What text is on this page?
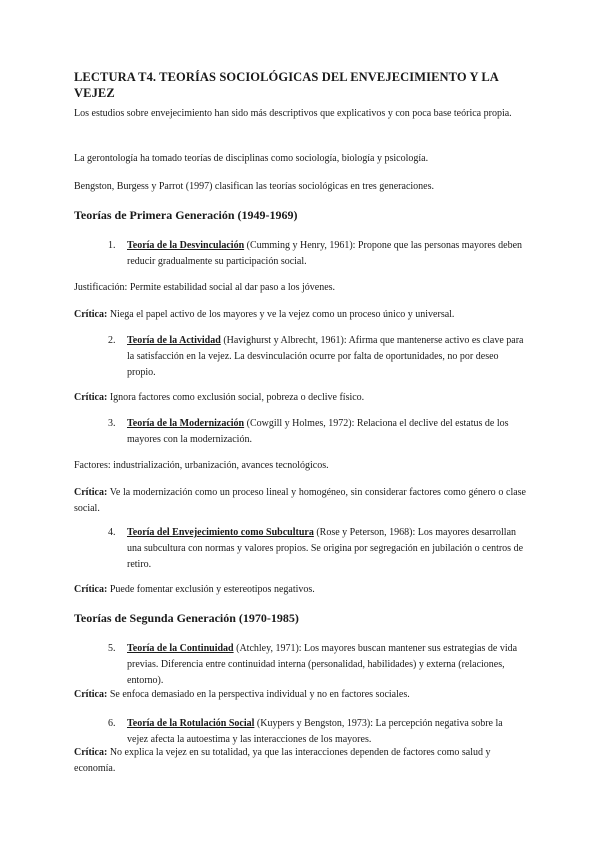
LECTURA T4. TEORÍAS SOCIOLÓGICAS DEL ENVEJECIMIENTO Y LA VEJEZ

Los estudios sobre envejecimiento han sido más descriptivos que explicativos y con poca base teórica propia.

La gerontología ha tomado teorías de disciplinas como sociología, biología y psicología.

Bengston, Burgess y Parrot (1997) clasifican las teorías sociológicas en tres generaciones.

Teorías de Primera Generación (1949-1969)
1. Teoría de la Desvinculación (Cumming y Henry, 1961): Propone que las personas mayores deben reducir gradualmente su participación social.

Justificación: Permite estabilidad social al dar paso a los jóvenes.

Crítica: Niega el papel activo de los mayores y ve la vejez como un proceso único y universal.

2. Teoría de la Actividad (Havighurst y Albrecht, 1961): Afirma que mantenerse activo es clave para la satisfacción en la vejez. La desvinculación ocurre por falta de oportunidades, no por deseo propio.

Crítica: Ignora factores como exclusión social, pobreza o declive físico.

3. Teoría de la Modernización (Cowgill y Holmes, 1972): Relaciona el declive del estatus de los mayores con la modernización.

Factores: industrialización, urbanización, avances tecnológicos.

Crítica: Ve la modernización como un proceso lineal y homogéneo, sin considerar factores como género o clase social.

4. Teoría del Envejecimiento como Subcultura (Rose y Peterson, 1968): Los mayores desarrollan una subcultura con normas y valores propios. Se origina por segregación en jubilación o centros de retiro.

Crítica: Puede fomentar exclusión y estereotipos negativos.

Teorías de Segunda Generación (1970-1985)
5. Teoría de la Continuidad (Atchley, 1971): Los mayores buscan mantener sus estrategias de vida previas. Diferencia entre continuidad interna (personalidad, habilidades) y externa (relaciones, entorno).

Crítica: Se enfoca demasiado en la perspectiva individual y no en factores sociales.

6. Teoría de la Rotulación Social (Kuypers y Bengston, 1973): La percepción negativa sobre la vejez afecta la autoestima y las interacciones de los mayores.

Crítica: No explica la vejez en su totalidad, ya que las interacciones dependen de factores como salud y economía.
